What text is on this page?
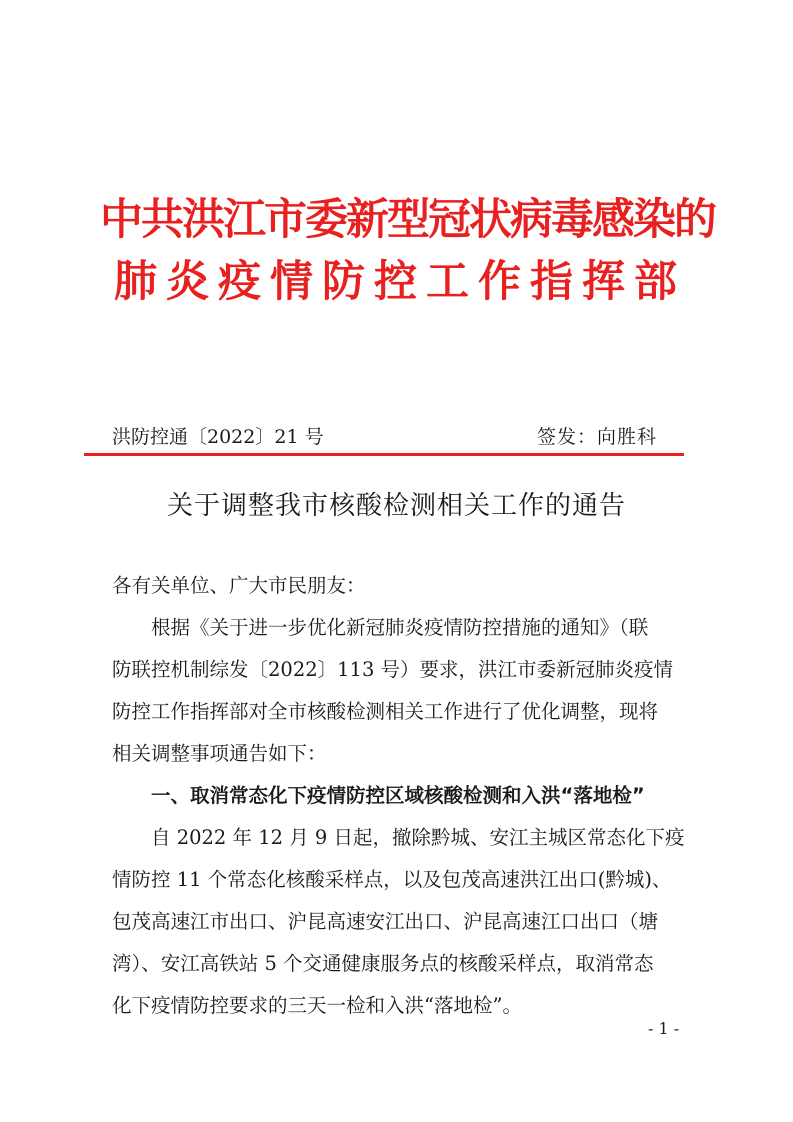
中共洪江市委新型冠状病毒感染的
肺炎疫情防控工作指挥部
洪防控通〔2022〕21 号	签发：向胜科
关于调整我市核酸检测相关工作的通告
各有关单位、广大市民朋友：
　　根据《关于进一步优化新冠肺炎疫情防控措施的通知》（联
防联控机制综发〔2022〕113 号）要求，洪江市委新冠肺炎疫情
防控工作指挥部对全市核酸检测相关工作进行了优化调整，现将
相关调整事项通告如下：
　　一、取消常态化下疫情防控区域核酸检测和入洪“落地检”
　　自 2022 年 12 月 9 日起，撤除黔城、安江主城区常态化下疫
情防控 11 个常态化核酸采样点，以及包茂高速洪江出口(黔城)、
包茂高速江市出口、沪昆高速安江出口、沪昆高速江口出口（塘
湾）、安江高铁站 5 个交通健康服务点的核酸采样点，取消常态
化下疫情防控要求的三天一检和入洪“落地检”。
- 1 -
